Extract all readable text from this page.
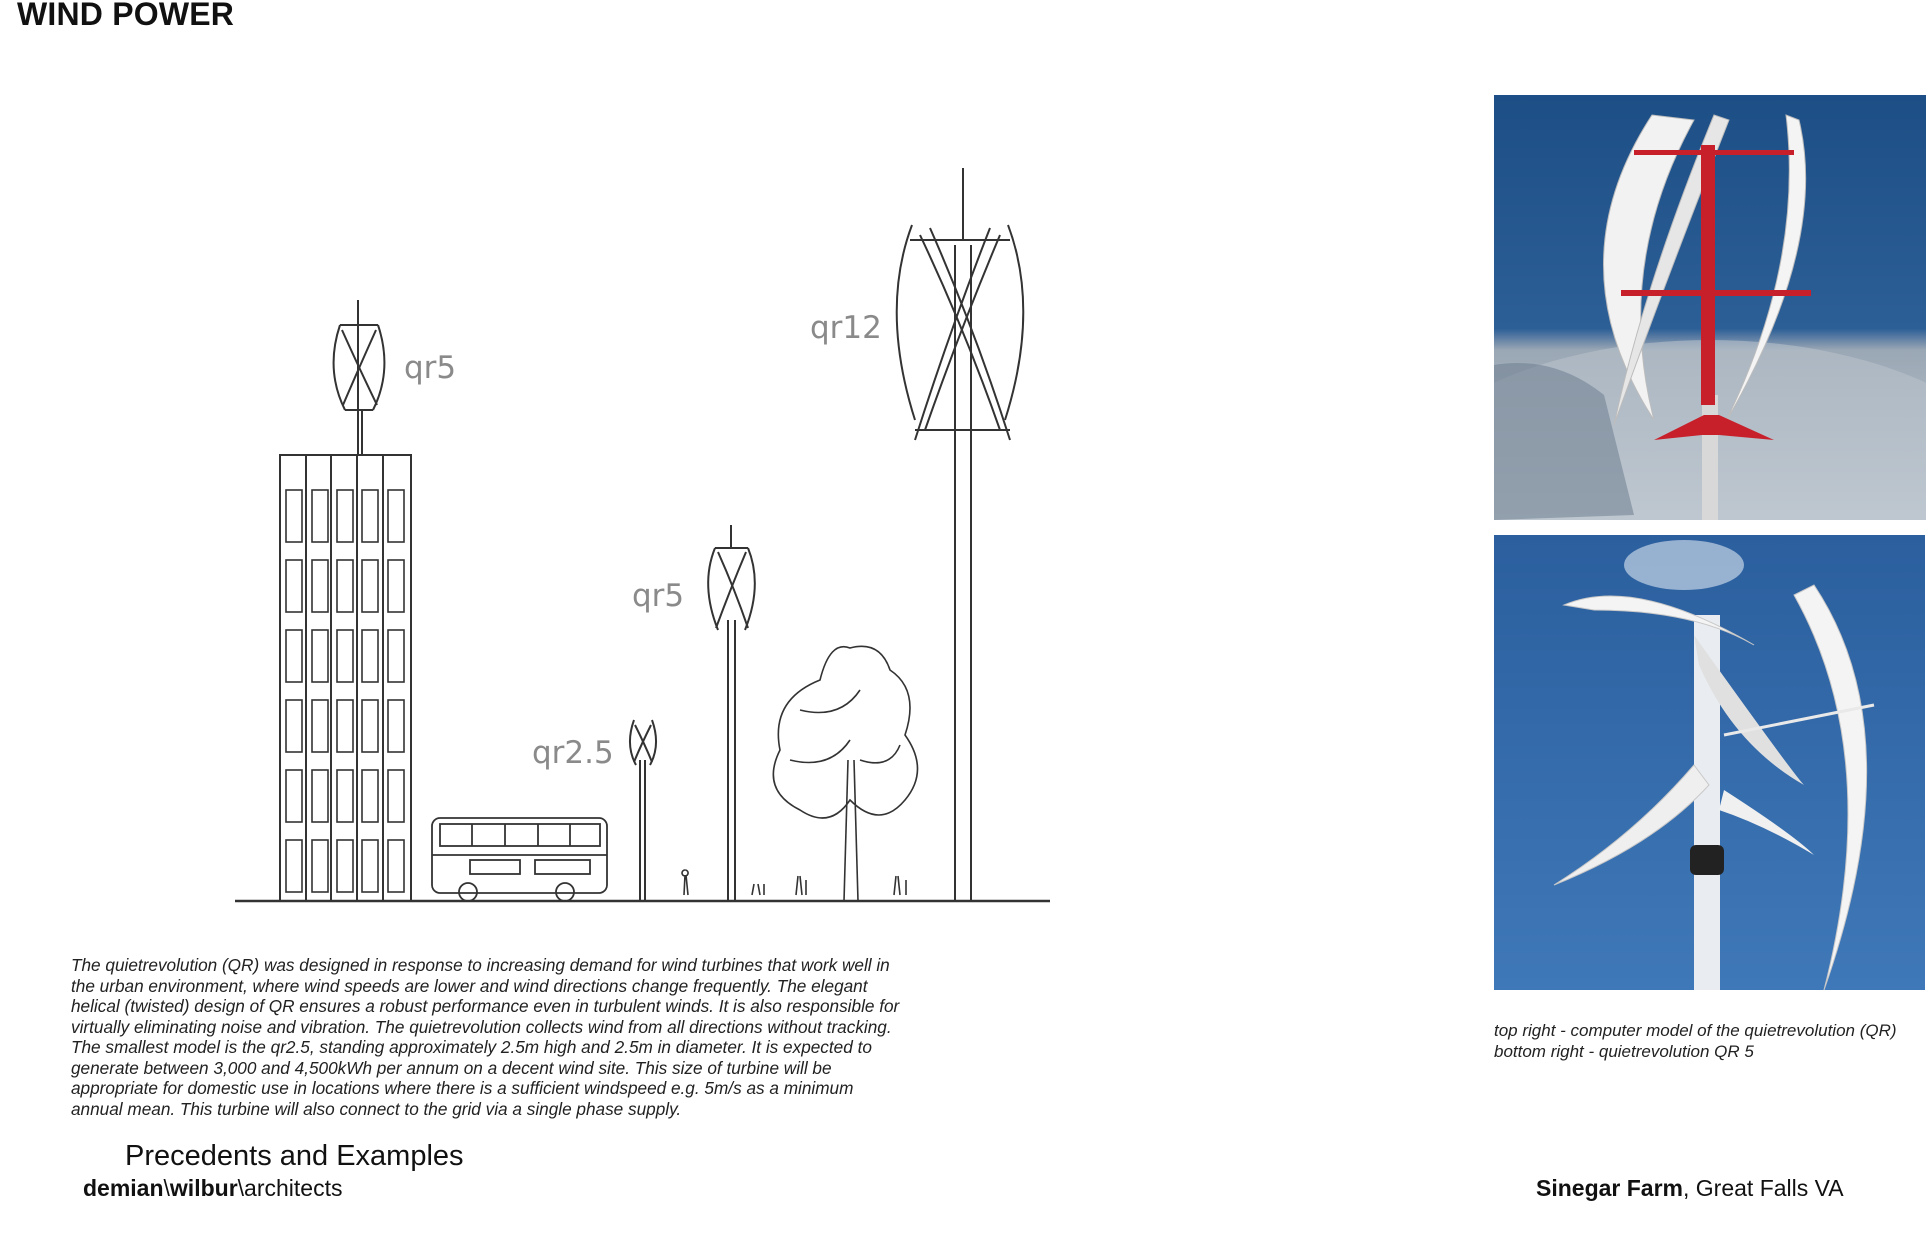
WIND POWER
qr5
qr12
qr5
qr2.5

The quietrevolution (QR) was designed in response to increasing demand for wind turbines that work well in the urban environment, where wind speeds are lower and wind directions change frequently. The elegant helical (twisted) design of QR ensures a robust performance even in turbulent winds. It is also responsible for virtually eliminating noise and vibration. The quietrevolution collects wind from all directions without tracking.

The smallest model is the qr2.5, standing approximately 2.5m high and 2.5m in diameter. It is expected to generate between 3,000 and 4,500kWh per annum on a decent wind site. This size of turbine will be appropriate for domestic use in locations where there is a sufficient windspeed e.g. 5m/s as a minimum annual mean. This turbine will also connect to the grid via a single phase supply.

Precedents and Examples
demian\wilbur\architects	Sinegar Farm, Great Falls VA
top right - computer model of the quietrevolution (QR)
bottom right - quietrevolution QR 5
